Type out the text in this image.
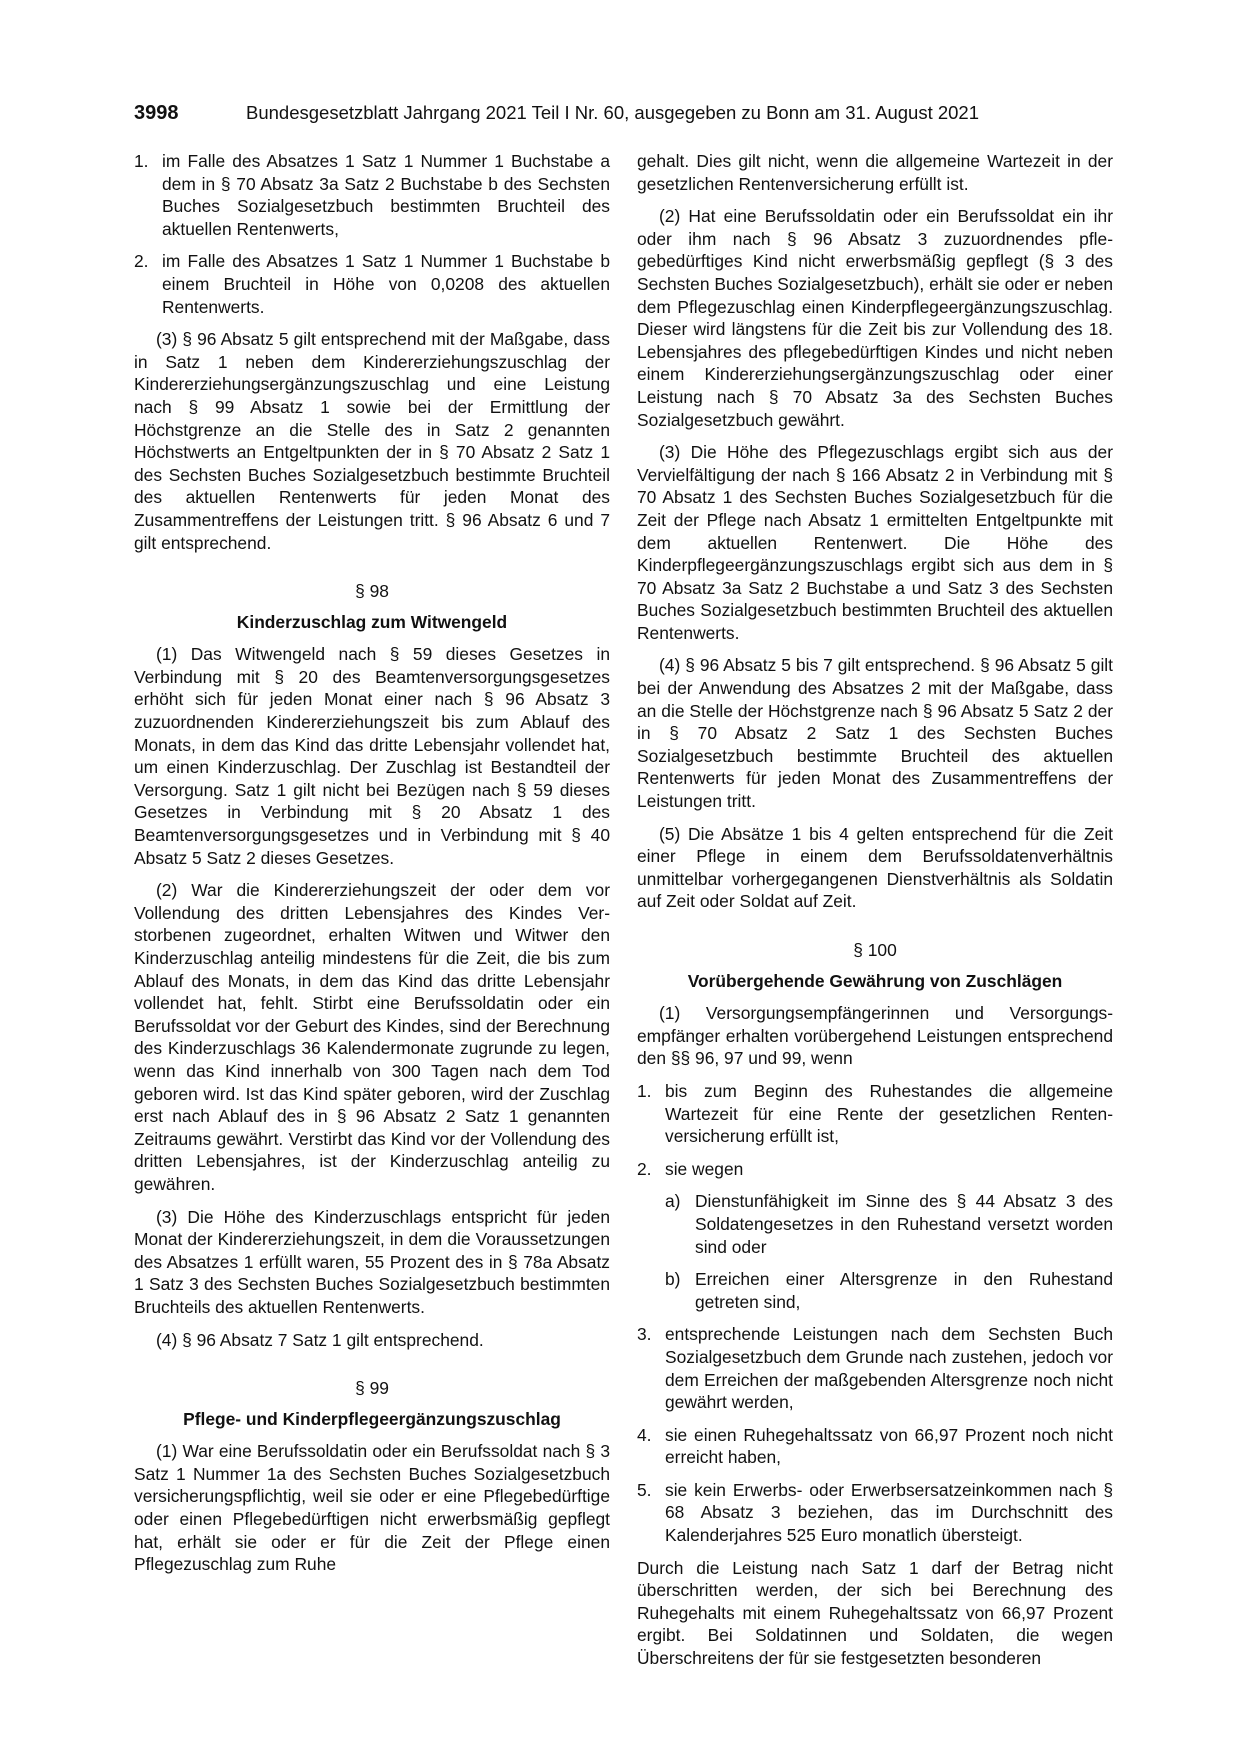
3998	Bundesgesetzblatt Jahrgang 2021 Teil I Nr. 60, ausgegeben zu Bonn am 31. August 2021
1. im Falle des Absatzes 1 Satz 1 Nummer 1 Buchstabe a dem in § 70 Absatz 3a Satz 2 Buchstabe b des Sechsten Buches Sozialgesetzbuch bestimmten Bruchteil des aktuellen Rentenwerts,
2. im Falle des Absatzes 1 Satz 1 Nummer 1 Buchstabe b einem Bruchteil in Höhe von 0,0208 des aktuellen Rentenwerts.

(3) § 96 Absatz 5 gilt entsprechend mit der Maßgabe, dass in Satz 1 neben dem Kindererziehungszuschlag der Kindererziehungsergänzungszuschlag und eine Leistung nach § 99 Absatz 1 sowie bei der Ermittlung der Höchstgrenze an die Stelle des in Satz 2 genannten Höchstwerts an Entgeltpunkten der in § 70 Absatz 2 Satz 1 des Sechsten Buches Sozialgesetzbuch bestimmte Bruchteil des aktuellen Rentenwerts für jeden Monat des Zusammentreffens der Leistungen tritt. § 96 Absatz 6 und 7 gilt entsprechend.

§ 98
Kinderzuschlag zum Witwengeld

(1) Das Witwengeld nach § 59 dieses Gesetzes in Verbindung mit § 20 des Beamtenversorgungsgesetzes erhöht sich für jeden Monat einer nach § 96 Absatz 3 zuzuordnenden Kindererziehungszeit bis zum Ablauf des Monats, in dem das Kind das dritte Lebensjahr vollendet hat, um einen Kinderzuschlag. Der Zuschlag ist Bestandteil der Versorgung. Satz 1 gilt nicht bei Bezügen nach § 59 dieses Gesetzes in Verbindung mit § 20 Absatz 1 des Beamtenversorgungsgesetzes und in Verbindung mit § 40 Absatz 5 Satz 2 dieses Gesetzes.

(2) War die Kindererziehungszeit der oder dem vor Vollendung des dritten Lebensjahres des Kindes Verstorbenen zugeordnet, erhalten Witwen und Witwer den Kinderzuschlag anteilig mindestens für die Zeit, die bis zum Ablauf des Monats, in dem das Kind das dritte Lebensjahr vollendet hat, fehlt. Stirbt eine Berufssoldatin oder ein Berufssoldat vor der Geburt des Kindes, sind der Berechnung des Kinderzuschlags 36 Kalendermonate zugrunde zu legen, wenn das Kind innerhalb von 300 Tagen nach dem Tod geboren wird. Ist das Kind später geboren, wird der Zuschlag erst nach Ablauf des in § 96 Absatz 2 Satz 1 genannten Zeitraums gewährt. Verstirbt das Kind vor der Vollendung des dritten Lebensjahres, ist der Kinderzuschlag anteilig zu gewähren.

(3) Die Höhe des Kinderzuschlags entspricht für jeden Monat der Kindererziehungszeit, in dem die Voraussetzungen des Absatzes 1 erfüllt waren, 55 Prozent des in § 78a Absatz 1 Satz 3 des Sechsten Buches Sozialgesetzbuch bestimmten Bruchteils des aktuellen Rentenwerts.

(4) § 96 Absatz 7 Satz 1 gilt entsprechend.

§ 99
Pflege- und Kinderpflegeergänzungszuschlag

(1) War eine Berufssoldatin oder ein Berufssoldat nach § 3 Satz 1 Nummer 1a des Sechsten Buches Sozialgesetzbuch versicherungspflichtig, weil sie oder er eine Pflegebedürftige oder einen Pflegebedürftigen nicht erwerbsmäßig gepflegt hat, erhält sie oder er für die Zeit der Pflege einen Pflegezuschlag zum Ruhe

gehalt. Dies gilt nicht, wenn die allgemeine Wartezeit in der gesetzlichen Rentenversicherung erfüllt ist.

(2) Hat eine Berufssoldatin oder ein Berufssoldat ein ihr oder ihm nach § 96 Absatz 3 zuzuordnendes pflegebedürftiges Kind nicht erwerbsmäßig gepflegt (§ 3 des Sechsten Buches Sozialgesetzbuch), erhält sie oder er neben dem Pflegezuschlag einen Kinderpflegeergänzungszuschlag. Dieser wird längstens für die Zeit bis zur Vollendung des 18. Lebensjahres des pflegebedürftigen Kindes und nicht neben einem Kindererziehungsergänzungszuschlag oder einer Leistung nach § 70 Absatz 3a des Sechsten Buches Sozialgesetzbuch gewährt.

(3) Die Höhe des Pflegezuschlags ergibt sich aus der Vervielfältigung der nach § 166 Absatz 2 in Verbindung mit § 70 Absatz 1 des Sechsten Buches Sozialgesetzbuch für die Zeit der Pflege nach Absatz 1 ermittelten Entgeltpunkte mit dem aktuellen Rentenwert. Die Höhe des Kinderpflegeergänzungszuschlags ergibt sich aus dem in § 70 Absatz 3a Satz 2 Buchstabe a und Satz 3 des Sechsten Buches Sozialgesetzbuch bestimmten Bruchteil des aktuellen Rentenwerts.

(4) § 96 Absatz 5 bis 7 gilt entsprechend. § 96 Absatz 5 gilt bei der Anwendung des Absatzes 2 mit der Maßgabe, dass an die Stelle der Höchstgrenze nach § 96 Absatz 5 Satz 2 der in § 70 Absatz 2 Satz 1 des Sechsten Buches Sozialgesetzbuch bestimmte Bruchteil des aktuellen Rentenwerts für jeden Monat des Zusammentreffens der Leistungen tritt.

(5) Die Absätze 1 bis 4 gelten entsprechend für die Zeit einer Pflege in einem dem Berufssoldatenverhältnis unmittelbar vorhergegangenen Dienstverhältnis als Soldatin auf Zeit oder Soldat auf Zeit.

§ 100
Vorübergehende Gewährung von Zuschlägen

(1) Versorgungsempfängerinnen und Versorgungsempfänger erhalten vorübergehend Leistungen entsprechend den §§ 96, 97 und 99, wenn

1. bis zum Beginn des Ruhestandes die allgemeine Wartezeit für eine Rente der gesetzlichen Rentenversicherung erfüllt ist,
2. sie wegen
a) Dienstunfähigkeit im Sinne des § 44 Absatz 3 des Soldatengesetzes in den Ruhestand versetzt worden sind oder
b) Erreichen einer Altersgrenze in den Ruhestand getreten sind,
3. entsprechende Leistungen nach dem Sechsten Buch Sozialgesetzbuch dem Grunde nach zustehen, jedoch vor dem Erreichen der maßgebenden Altersgrenze noch nicht gewährt werden,
4. sie einen Ruhegehaltssatz von 66,97 Prozent noch nicht erreicht haben,
5. sie kein Erwerbs- oder Erwerbsersatzeinkommen nach § 68 Absatz 3 beziehen, das im Durchschnitt des Kalenderjahres 525 Euro monatlich übersteigt.

Durch die Leistung nach Satz 1 darf der Betrag nicht überschritten werden, der sich bei Berechnung des Ruhegehalts mit einem Ruhegehaltssatz von 66,97 Prozent ergibt. Bei Soldatinnen und Soldaten, die wegen Überschreitens der für sie festgesetzten besonderen
